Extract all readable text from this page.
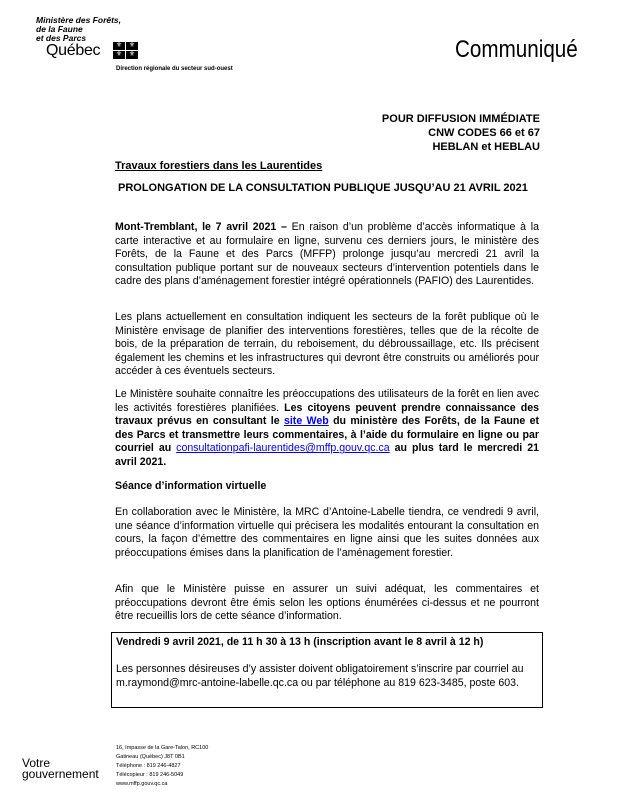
Ministère des Forêts,
de la Faune
et des Parcs
Québec	⚜ ⚜
⚜ ⚜
Direction régionale du secteur sud-ouest
Communiqué
POUR DIFFUSION IMMÉDIATE
CNW CODES 66 et 67
HEBLAN et HEBLAU
Travaux forestiers dans les Laurentides
PROLONGATION DE LA CONSULTATION PUBLIQUE JUSQU’AU 21 AVRIL 2021
Mont-Tremblant, le 7 avril 2021 – En raison d’un problème d’accès informatique à la carte interactive et au formulaire en ligne, survenu ces derniers jours, le ministère des Forêts, de la Faune et des Parcs (MFFP) prolonge jusqu’au mercredi 21 avril la consultation publique portant sur de nouveaux secteurs d’intervention potentiels dans le cadre des plans d’aménagement forestier intégré opérationnels (PAFIO) des Laurentides.
Les plans actuellement en consultation indiquent les secteurs de la forêt publique où le Ministère envisage de planifier des interventions forestières, telles que de la récolte de bois, de la préparation de terrain, du reboisement, du débroussaillage, etc. Ils précisent également les chemins et les infrastructures qui devront être construits ou améliorés pour accéder à ces éventuels secteurs.
Le Ministère souhaite connaître les préoccupations des utilisateurs de la forêt en lien avec les activités forestières planifiées. Les citoyens peuvent prendre connaissance des travaux prévus en consultant le site Web du ministère des Forêts, de la Faune et des Parcs et transmettre leurs commentaires, à l’aide du formulaire en ligne ou par courriel au consultationpafi-laurentides@mffp.gouv.qc.ca au plus tard le mercredi 21 avril 2021.
Séance d’information virtuelle
En collaboration avec le Ministère, la MRC d’Antoine-Labelle tiendra, ce vendredi 9 avril, une séance d’information virtuelle qui précisera les modalités entourant la consultation en cours, la façon d’émettre des commentaires en ligne ainsi que les suites données aux préoccupations émises dans la planification de l’aménagement forestier.
Afin que le Ministère puisse en assurer un suivi adéquat, les commentaires et préoccupations devront être émis selon les options énumérées ci-dessus et ne pourront être recueillis lors de cette séance d’information.
Vendredi 9 avril 2021, de 11 h 30 à 13 h (inscription avant le 8 avril à 12 h)
Les personnes désireuses d’y assister doivent obligatoirement s’inscrire par courriel au m.raymond@mrc-antoine-labelle.qc.ca ou par téléphone au 819 623-3485, poste 603.
Votre
gouvernement
16, Impasse de la Gare-Talon, RC100
Gatineau (Québec) J8T 0B1
Téléphone : 819 246-4827
Télécopieur : 819 246-5049
www.mffp.gouv.qc.ca
